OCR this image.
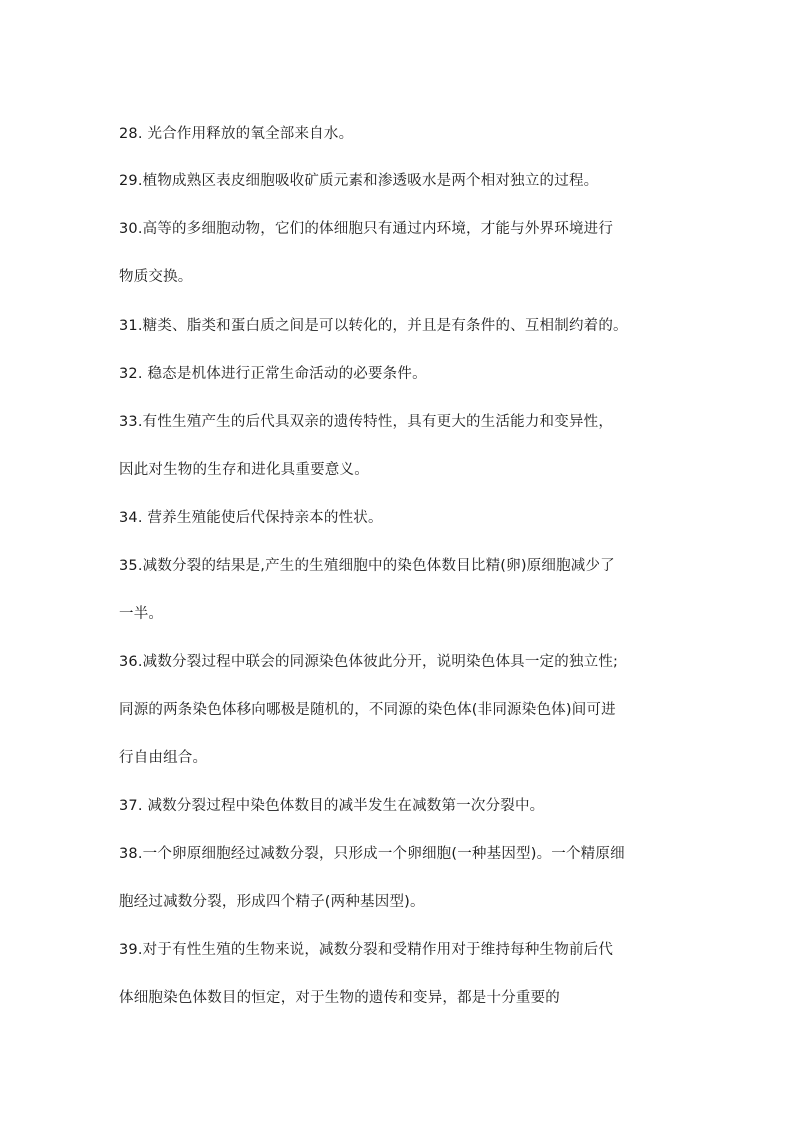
28. 光合作用释放的氧全部来自水。
29.植物成熟区表皮细胞吸收矿质元素和渗透吸水是两个相对独立的过程。
30.高等的多细胞动物，它们的体细胞只有通过内环境，才能与外界环境进行
物质交换。
31.糖类、脂类和蛋白质之间是可以转化的，并且是有条件的、互相制约着的。
32. 稳态是机体进行正常生命活动的必要条件。
33.有性生殖产生的后代具双亲的遗传特性，具有更大的生活能力和变异性，
因此对生物的生存和进化具重要意义。
34. 营养生殖能使后代保持亲本的性状。
35.减数分裂的结果是,产生的生殖细胞中的染色体数目比精(卵)原细胞减少了
一半。
36.减数分裂过程中联会的同源染色体彼此分开，说明染色体具一定的独立性;
同源的两条染色体移向哪极是随机的，不同源的染色体(非同源染色体)间可进
行自由组合。
37. 减数分裂过程中染色体数目的减半发生在减数第一次分裂中。
38.一个卵原细胞经过减数分裂，只形成一个卵细胞(一种基因型)。一个精原细
胞经过减数分裂，形成四个精子(两种基因型)。
39.对于有性生殖的生物来说，减数分裂和受精作用对于维持每种生物前后代
体细胞染色体数目的恒定，对于生物的遗传和变异，都是十分重要的
